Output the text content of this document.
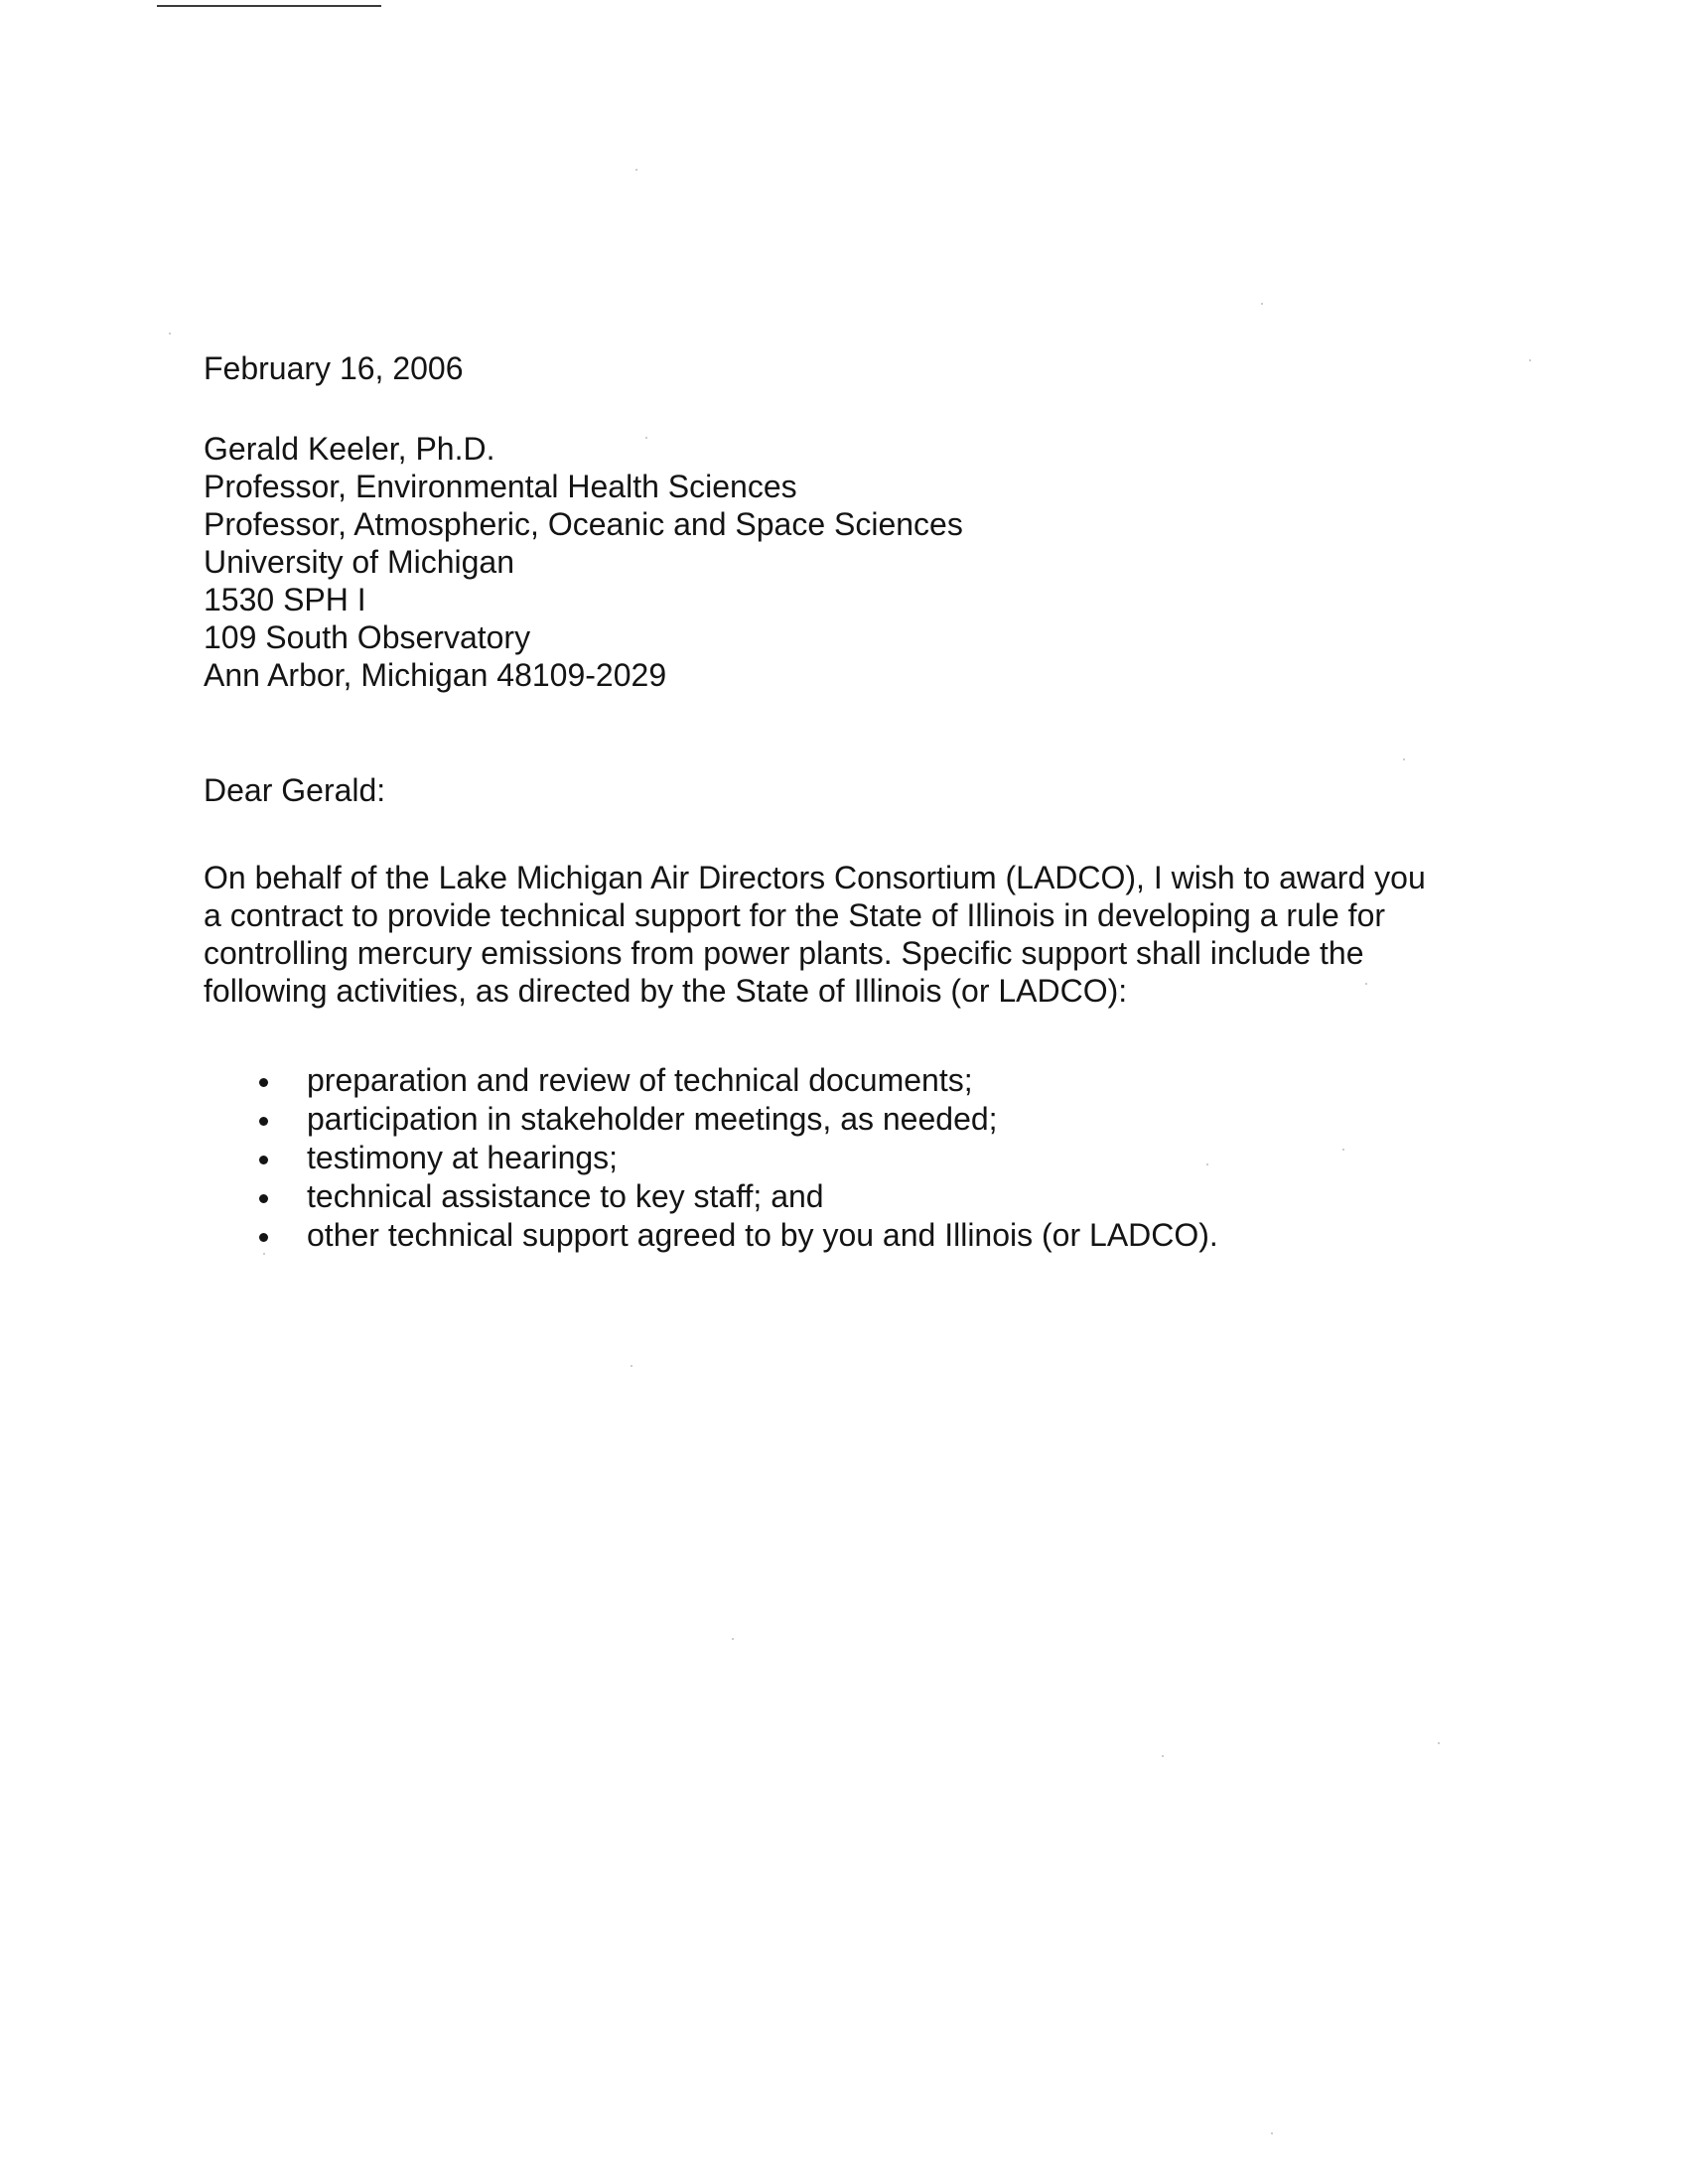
February 16, 2006
Gerald Keeler, Ph.D.
Professor, Environmental Health Sciences
Professor, Atmospheric, Oceanic and Space Sciences
University of Michigan
1530 SPH I
109 South Observatory
Ann Arbor, Michigan 48109-2029
Dear Gerald:
On behalf of the Lake Michigan Air Directors Consortium (LADCO), I wish to award you
a contract to provide technical support for the State of Illinois in developing a rule for
controlling mercury emissions from power plants. Specific support shall include the
following activities, as directed by the State of Illinois (or LADCO):
preparation and review of technical documents;
participation in stakeholder meetings, as needed;
testimony at hearings;
technical assistance to key staff; and
other technical support agreed to by you and Illinois (or LADCO).
